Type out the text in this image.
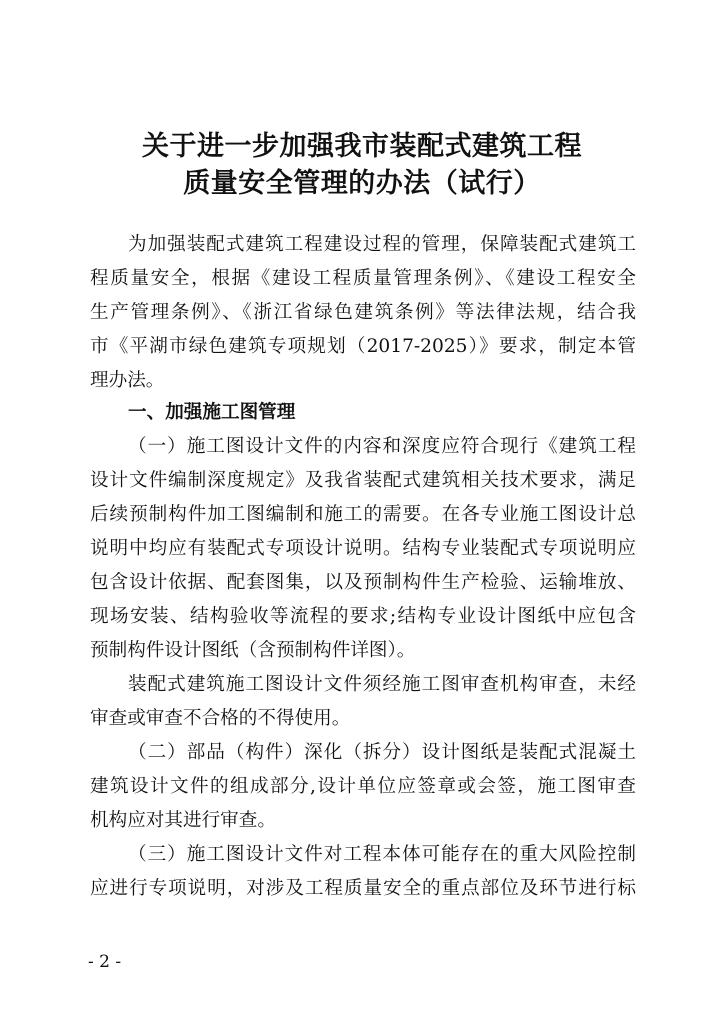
关于进一步加强我市装配式建筑工程
质量安全管理的办法（试行）
为加强装配式建筑工程建设过程的管理，保障装配式建筑工
程质量安全，根据《建设工程质量管理条例》、《建设工程安全
生产管理条例》、《浙江省绿色建筑条例》等法律法规，结合我
市《平湖市绿色建筑专项规划（2017-2025）》要求，制定本管
理办法。
一、加强施工图管理
（一）施工图设计文件的内容和深度应符合现行《建筑工程
设计文件编制深度规定》及我省装配式建筑相关技术要求，满足
后续预制构件加工图编制和施工的需要。在各专业施工图设计总
说明中均应有装配式专项设计说明。结构专业装配式专项说明应
包含设计依据、配套图集，以及预制构件生产检验、运输堆放、
现场安装、结构验收等流程的要求;结构专业设计图纸中应包含
预制构件设计图纸（含预制构件详图）。
装配式建筑施工图设计文件须经施工图审查机构审查，未经
审查或审查不合格的不得使用。
（二）部品（构件）深化（拆分）设计图纸是装配式混凝土
建筑设计文件的组成部分,设计单位应签章或会签，施工图审查
机构应对其进行审查。
（三）施工图设计文件对工程本体可能存在的重大风险控制
应进行专项说明，对涉及工程质量安全的重点部位及环节进行标
- 2 -
